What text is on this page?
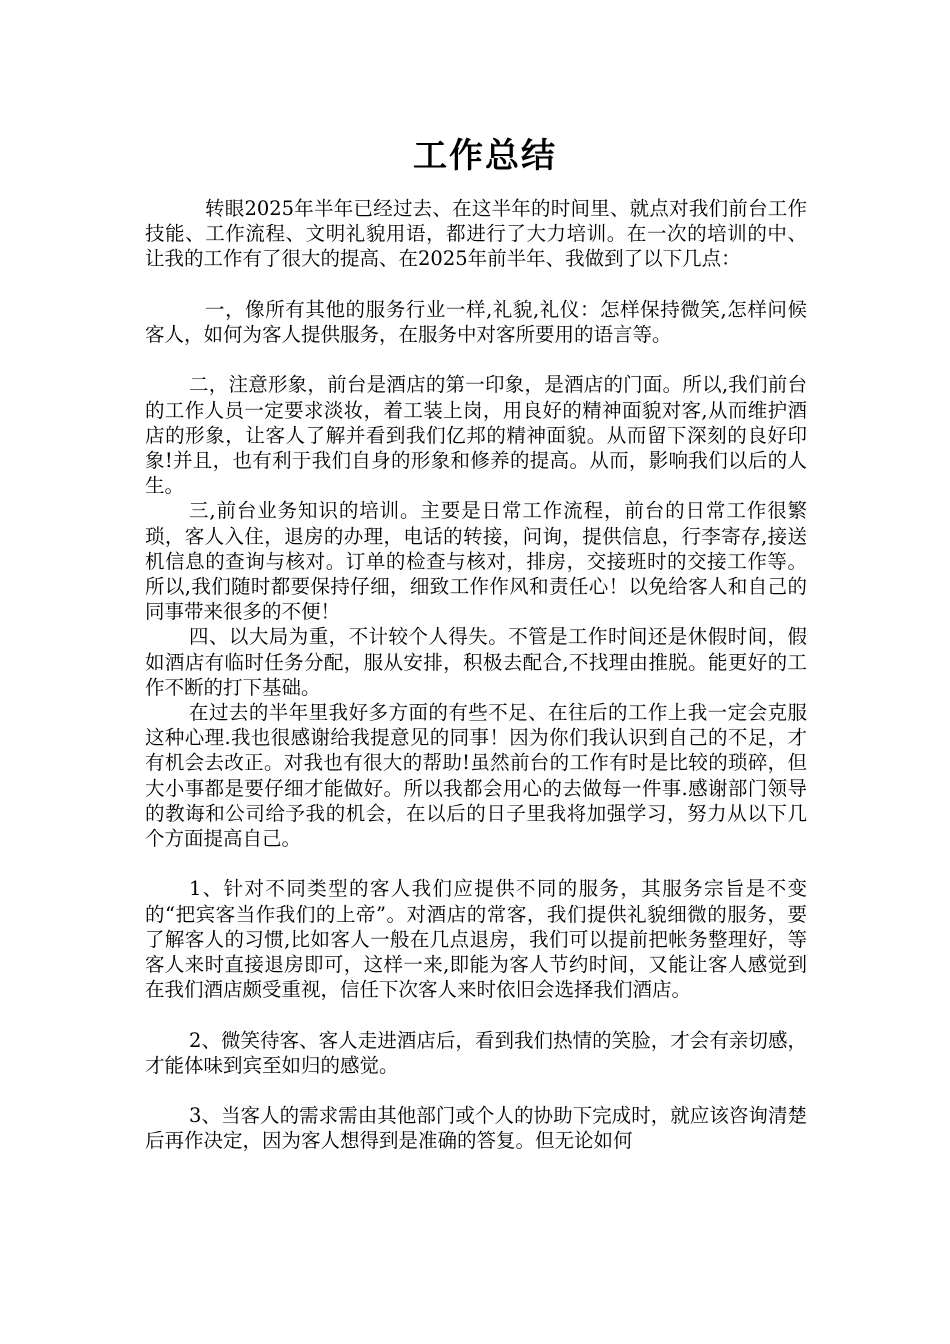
工作总结

转眼2025年半年已经过去、在这半年的时间里、就点对我们前台工作技能、工作流程、文明礼貌用语，都进行了大力培训。在一次的培训的中、让我的工作有了很大的提高、在2025年前半年、我做到了以下几点：

一，像所有其他的服务行业一样,礼貌,礼仪：怎样保持微笑,怎样问候客人，如何为客人提供服务，在服务中对客所要用的语言等。

二，注意形象，前台是酒店的第一印象，是酒店的门面。所以,我们前台的工作人员一定要求淡妆，着工装上岗，用良好的精神面貌对客,从而维护酒店的形象，让客人了解并看到我们亿邦的精神面貌。从而留下深刻的良好印象!并且，也有利于我们自身的形象和修养的提高。从而，影响我们以后的人生。

三,前台业务知识的培训。主要是日常工作流程，前台的日常工作很繁琐，客人入住，退房的办理，电话的转接，问询，提供信息，行李寄存,接送机信息的查询与核对。订单的检查与核对，排房，交接班时的交接工作等。所以,我们随时都要保持仔细，细致工作作风和责任心！以免给客人和自己的同事带来很多的不便！

四、以大局为重，不计较个人得失。不管是工作时间还是休假时间，假如酒店有临时任务分配，服从安排，积极去配合,不找理由推脱。能更好的工作不断的打下基础。

在过去的半年里我好多方面的有些不足、在往后的工作上我一定会克服这种心理.我也很感谢给我提意见的同事！因为你们我认识到自己的不足，才有机会去改正。对我也有很大的帮助!虽然前台的工作有时是比较的琐碎，但大小事都是要仔细才能做好。所以我都会用心的去做每一件事.感谢部门领导的教诲和公司给予我的机会，在以后的日子里我将加强学习，努力从以下几个方面提高自己。

1、针对不同类型的客人我们应提供不同的服务，其服务宗旨是不变的“把宾客当作我们的上帝”。对酒店的常客，我们提供礼貌细微的服务，要了解客人的习惯,比如客人一般在几点退房，我们可以提前把帐务整理好，等客人来时直接退房即可，这样一来,即能为客人节约时间，又能让客人感觉到在我们酒店颇受重视，信任下次客人来时依旧会选择我们酒店。

2、微笑待客、客人走进酒店后，看到我们热情的笑脸，才会有亲切感，才能体味到宾至如归的感觉。

3、当客人的需求需由其他部门或个人的协助下完成时，就应该咨询清楚后再作决定，因为客人想得到是准确的答复。但无论如何
